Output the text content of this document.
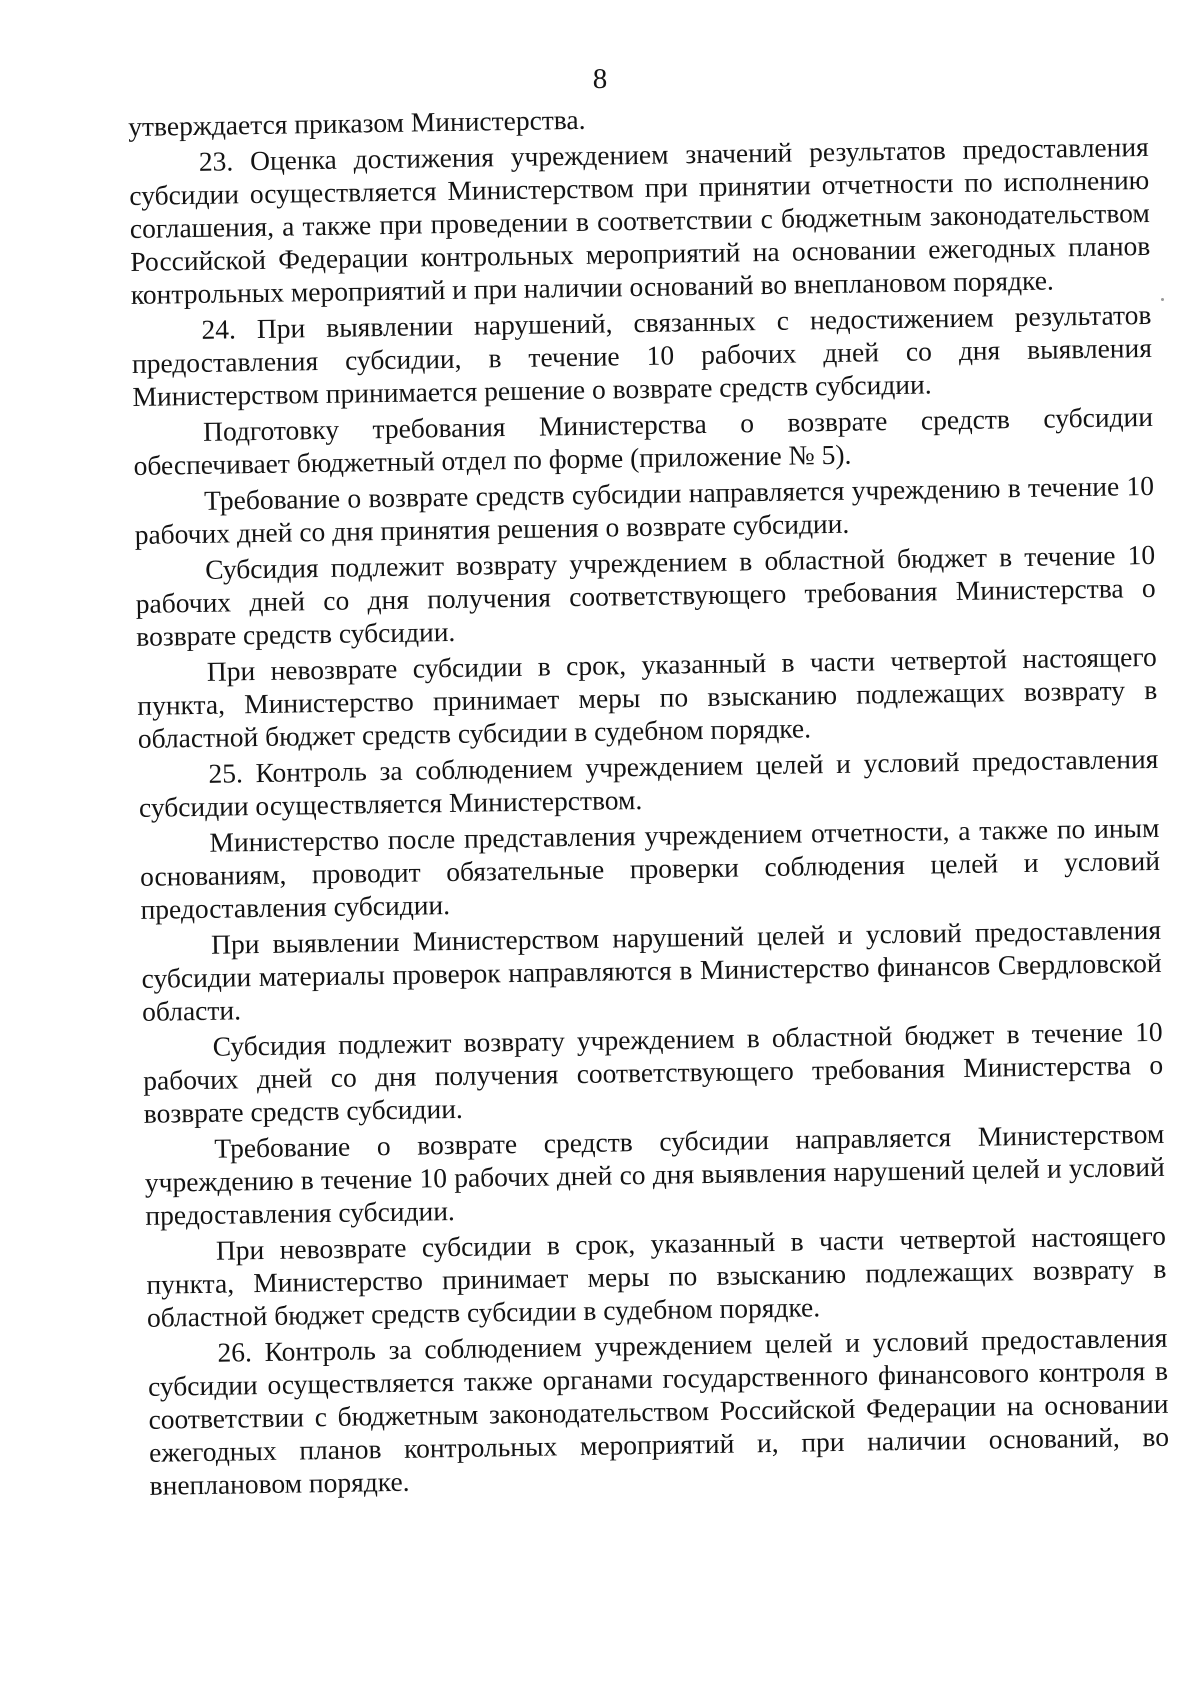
8

утверждается приказом Министерства.

23. Оценка достижения учреждением значений результатов предоставления субсидии осуществляется Министерством при принятии отчетности по исполнению соглашения, а также при проведении в соответствии с бюджетным законодательством Российской Федерации контрольных мероприятий на основании ежегодных планов контрольных мероприятий и при наличии оснований во внеплановом порядке.

24. При выявлении нарушений, связанных с недостижением результатов предоставления субсидии, в течение 10 рабочих дней со дня выявления Министерством принимается решение о возврате средств субсидии.

Подготовку требования Министерства о возврате средств субсидии обеспечивает бюджетный отдел по форме (приложение № 5).

Требование о возврате средств субсидии направляется учреждению в течение 10 рабочих дней со дня принятия решения о возврате субсидии.

Субсидия подлежит возврату учреждением в областной бюджет в течение 10 рабочих дней со дня получения соответствующего требования Министерства о возврате средств субсидии.

При невозврате субсидии в срок, указанный в части четвертой настоящего пункта, Министерство принимает меры по взысканию подлежащих возврату в областной бюджет средств субсидии в судебном порядке.

25. Контроль за соблюдением учреждением целей и условий предоставления субсидии осуществляется Министерством.

Министерство после представления учреждением отчетности, а также по иным основаниям, проводит обязательные проверки соблюдения целей и условий предоставления субсидии.

При выявлении Министерством нарушений целей и условий предоставления субсидии материалы проверок направляются в Министерство финансов Свердловской области.

Субсидия подлежит возврату учреждением в областной бюджет в течение 10 рабочих дней со дня получения соответствующего требования Министерства о возврате средств субсидии.

Требование о возврате средств субсидии направляется Министерством учреждению в течение 10 рабочих дней со дня выявления нарушений целей и условий предоставления субсидии.

При невозврате субсидии в срок, указанный в части четвертой настоящего пункта, Министерство принимает меры по взысканию подлежащих возврату в областной бюджет средств субсидии в судебном порядке.

26. Контроль за соблюдением учреждением целей и условий предоставления субсидии осуществляется также органами государственного финансового контроля в соответствии с бюджетным законодательством Российской Федерации на основании ежегодных планов контрольных мероприятий и, при наличии оснований, во внеплановом порядке.
